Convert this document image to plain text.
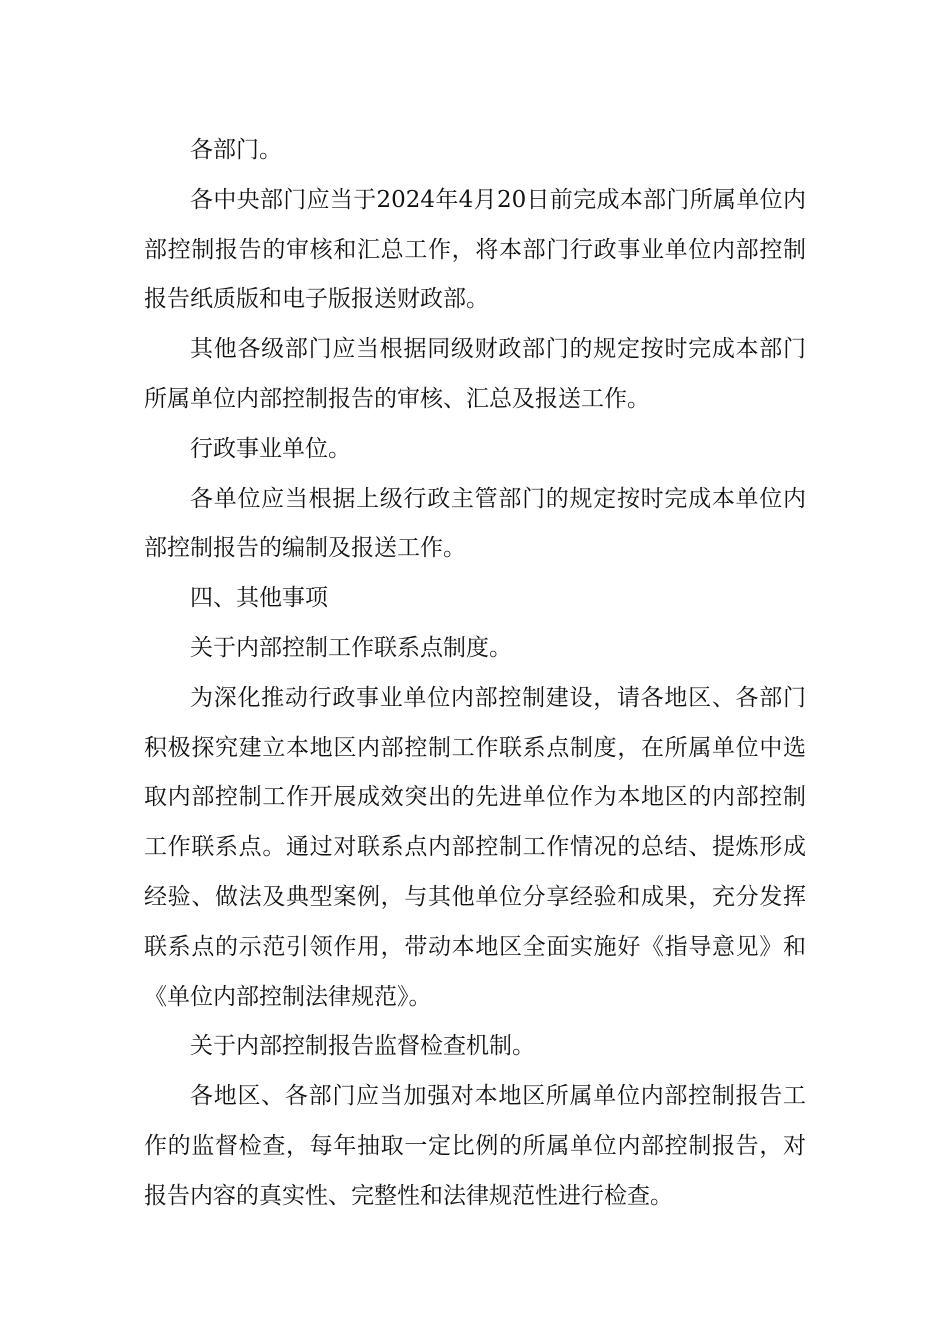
各部门。

各中央部门应当于2024年4月20日前完成本部门所属单位内部控制报告的审核和汇总工作，将本部门行政事业单位内部控制报告纸质版和电子版报送财政部。

其他各级部门应当根据同级财政部门的规定按时完成本部门所属单位内部控制报告的审核、汇总及报送工作。

行政事业单位。

各单位应当根据上级行政主管部门的规定按时完成本单位内部控制报告的编制及报送工作。

四、其他事项

关于内部控制工作联系点制度。

为深化推动行政事业单位内部控制建设，请各地区、各部门积极探究建立本地区内部控制工作联系点制度，在所属单位中选取内部控制工作开展成效突出的先进单位作为本地区的内部控制工作联系点。通过对联系点内部控制工作情况的总结、提炼形成经验、做法及典型案例，与其他单位分享经验和成果，充分发挥联系点的示范引领作用，带动本地区全面实施好《指导意见》和《单位内部控制法律规范》。

关于内部控制报告监督检查机制。

各地区、各部门应当加强对本地区所属单位内部控制报告工作的监督检查，每年抽取一定比例的所属单位内部控制报告，对报告内容的真实性、完整性和法律规范性进行检查。
